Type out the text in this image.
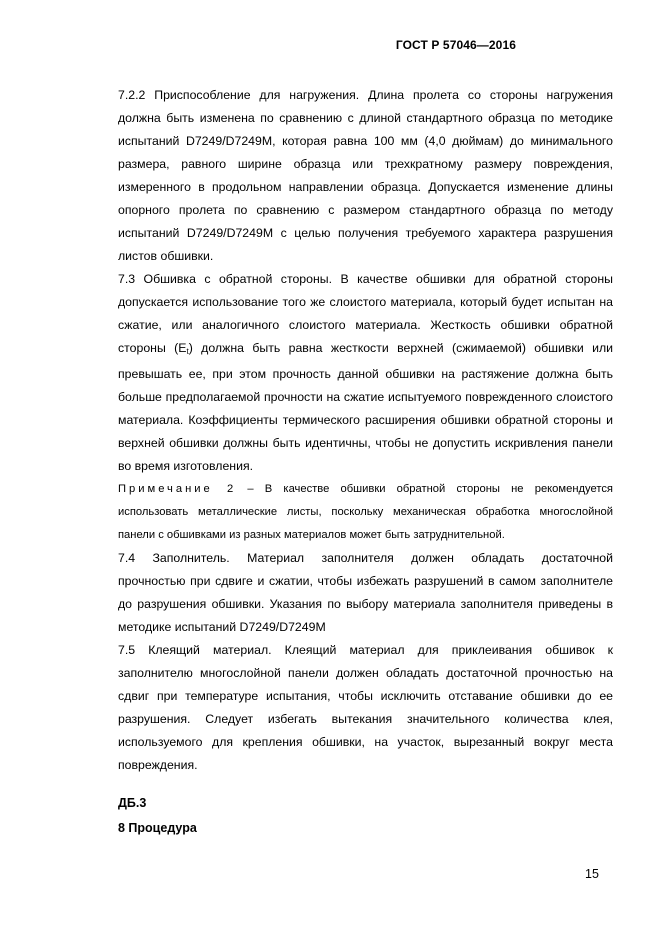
ГОСТ Р 57046—2016
7.2.2 Приспособление для нагружения. Длина пролета со стороны нагружения
должна быть изменена по сравнению с длиной стандартного образца по методике
испытаний D7249/D7249M, которая равна 100 мм (4,0 дюймам) до минимального
размера, равного ширине образца или трехкратному размеру повреждения,
измеренного в продольном направлении образца. Допускается изменение длины
опорного пролета по сравнению с размером стандартного образца по методу
испытаний D7249/D7249M с целью получения требуемого характера разрушения
листов обшивки.
7.3 Обшивка с обратной стороны. В качестве обшивки для обратной стороны
допускается использование того же слоистого материала, который будет испытан на
сжатие, или аналогичного слоистого материала. Жесткость обшивки обратной
стороны $(E_t)$ должна быть равна жесткости верхней (сжимаемой) обшивки или
превышать ее, при этом прочность данной обшивки на растяжение должна быть
больше предполагаемой прочности на сжатие испытуемого поврежденного слоистого
материала. Коэффициенты термического расширения обшивки обратной стороны и
верхней обшивки должны быть идентичны, чтобы не допустить искривления панели
во время изготовления.
Примечание 2 – В качестве обшивки обратной стороны не рекомендуется
использовать металлические листы, поскольку механическая обработка многослойной
панели с обшивками из разных материалов может быть затруднительной.
7.4 Заполнитель. Материал заполнителя должен обладать достаточной
прочностью при сдвиге и сжатии, чтобы избежать разрушений в самом заполнителе
до разрушения обшивки. Указания по выбору материала заполнителя приведены в
методике испытаний D7249/D7249M
7.5 Клеящий материал. Клеящий материал для приклеивания обшивок к
заполнителю многослойной панели должен обладать достаточной прочностью на
сдвиг при температуре испытания, чтобы исключить отставание обшивки до ее
разрушения. Следует избегать вытекания значительного количества клея,
используемого для крепления обшивки, на участок, вырезанный вокруг места
повреждения.
ДБ.3
8 Процедура
15
